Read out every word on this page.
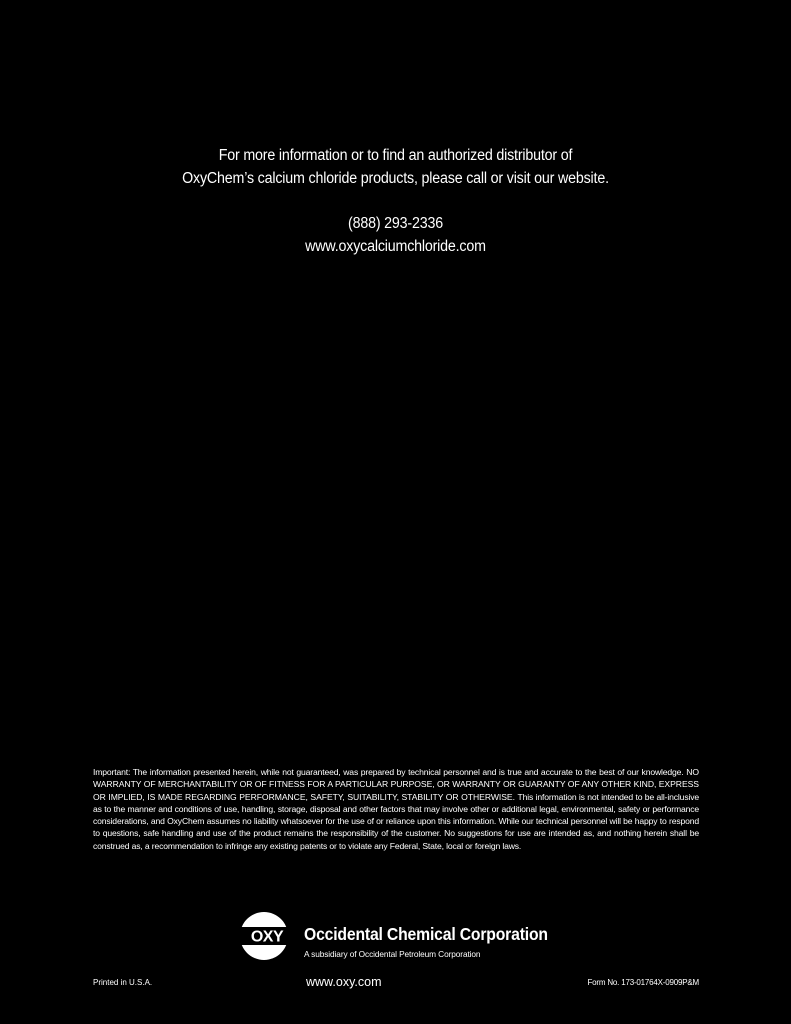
For more information or to find an authorized distributor of
OxyChem’s calcium chloride products, please call or visit our website.
(888) 293-2336
www.oxycalciumchloride.com
Important: The information presented herein, while not guaranteed, was prepared by technical personnel and is true and accurate to the best of our knowledge. NO WARRANTY OF MERCHANTABILITY OR OF FITNESS FOR A PARTICULAR PURPOSE, OR WARRANTY OR GUARANTY OF ANY OTHER KIND, EXPRESS OR IMPLIED, IS MADE REGARDING PERFORMANCE, SAFETY, SUITABILITY, STABILITY OR OTHERWISE. This information is not intended to be all-inclusive as to the manner and conditions of use, handling, storage, disposal and other factors that may involve other or additional legal, environmental, safety or performance considerations, and OxyChem assumes no liability whatsoever for the use of or reliance upon this information. While our technical personnel will be happy to respond to questions, safe handling and use of the product remains the responsibility of the customer. No suggestions for use are intended as, and nothing herein shall be construed as, a recommendation to infringe any existing patents or to violate any Federal, State, local or foreign laws.
OXY Occidental Chemical Corporation
A subsidiary of Occidental Petroleum Corporation
Printed in U.S.A.	www.oxy.com	Form No. 173-01764X-0909P&M
